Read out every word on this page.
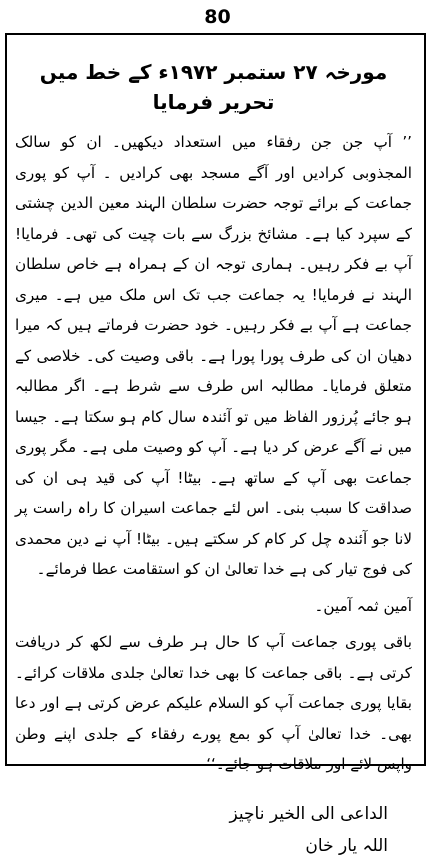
80
مورخہ ۲۷ ستمبر ۱۹۷۲ء کے خط میں تحریر فرمایا

’’ آپ جن جن رفقاء میں استعداد دیکھیں۔ ان کو سالک المجذوبی کرادیں اور آگے مسجد بھی کرادیں ۔ آپ کو پوری جماعت کے برائے توجہ حضرت سلطان الہند معین الدین چشتی کے سپرد کیا ہے۔ مشائخ بزرگ سے بات چیت کی تھی۔ فرمایا! آپ بے فکر رہیں۔ ہماری توجہ ان کے ہمراہ ہے خاص سلطان الہند نے فرمایا! یہ جماعت جب تک اس ملک میں ہے۔ میری جماعت ہے آپ بے فکر رہیں۔ خود حضرت فرماتے ہیں کہ میرا دھیان ان کی طرف پورا پورا ہے۔ باقی وصیت کی۔ خلاصی کے متعلق فرمایا۔ مطالبہ اس طرف سے شرط ہے۔ اگر مطالبہ ہو جائے پُرزور الفاظ میں تو آئندہ سال کام ہو سکتا ہے۔ جیسا میں نے آگے عرض کر دیا ہے۔ آپ کو وصیت ملی ہے۔ مگر پوری جماعت بھی آپ کے ساتھ ہے۔ بیٹا! آپ کی قید ہی ان کی صداقت کا سبب بنی۔ اس لئے جماعت اسیران کا راہ راست پر لانا جو آئندہ چل کر کام کر سکتے ہیں۔ بیٹا! آپ نے دین محمدی کی فوج تیار کی ہے خدا تعالیٰ ان کو استقامت عطا فرمائے۔

آمین ثمہ آمین۔

باقی پوری جماعت آپ کا حال ہر طرف سے لکھ کر دریافت کرتی ہے۔ باقی جماعت کا بھی خدا تعالیٰ جلدی ملاقات کرائے۔ بقایا پوری جماعت آپ کو السلام علیکم عرض کرتی ہے اور دعا بھی۔ خدا تعالیٰ آپ کو بمع پورے رفقاء کے جلدی اپنے وطن واپس لائے اور ملاقات ہو جائے۔‘‘

الداعی الی الخیر ناچیز
اللہ یار خان
